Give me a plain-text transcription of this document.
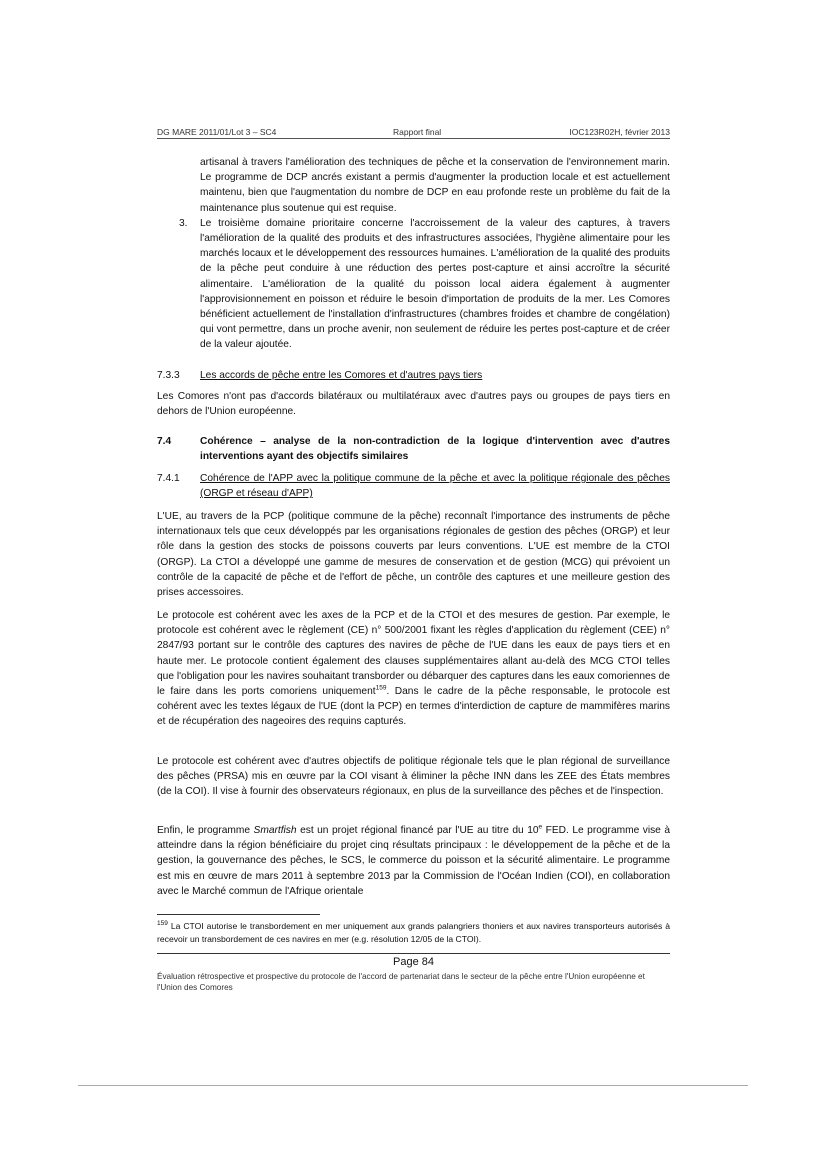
DG MARE 2011/01/Lot 3 – SC4	Rapport final	IOC123R02H, février 2013

artisanal à travers l'amélioration des techniques de pêche et la conservation de l'environnement marin. Le programme de DCP ancrés existant a permis d'augmenter la production locale et est actuellement maintenu, bien que l'augmentation du nombre de DCP en eau profonde reste un problème du fait de la maintenance plus soutenue qui est requise.

3. Le troisième domaine prioritaire concerne l'accroissement de la valeur des captures, à travers l'amélioration de la qualité des produits et des infrastructures associées, l'hygiène alimentaire pour les marchés locaux et le développement des ressources humaines. L'amélioration de la qualité des produits de la pêche peut conduire à une réduction des pertes post-capture et ainsi accroître la sécurité alimentaire. L'amélioration de la qualité du poisson local aidera également à augmenter l'approvisionnement en poisson et réduire le besoin d'importation de produits de la mer. Les Comores bénéficient actuellement de l'installation d'infrastructures (chambres froides et chambre de congélation) qui vont permettre, dans un proche avenir, non seulement de réduire les pertes post-capture et de créer de la valeur ajoutée.

7.3.3 Les accords de pêche entre les Comores et d'autres pays tiers

Les Comores n'ont pas d'accords bilatéraux ou multilatéraux avec d'autres pays ou groupes de pays tiers en dehors de l'Union européenne.

7.4	Cohérence – analyse de la non-contradiction de la logique d'intervention avec d'autres interventions ayant des objectifs similaires

7.4.1 Cohérence de l'APP avec la politique commune de la pêche et avec la politique régionale des pêches (ORGP et réseau d'APP)

L'UE, au travers de la PCP (politique commune de la pêche) reconnaît l'importance des instruments de pêche internationaux tels que ceux développés par les organisations régionales de gestion des pêches (ORGP) et leur rôle dans la gestion des stocks de poissons couverts par leurs conventions. L'UE est membre de la CTOI (ORGP). La CTOI a développé une gamme de mesures de conservation et de gestion (MCG) qui prévoient un contrôle de la capacité de pêche et de l'effort de pêche, un contrôle des captures et une meilleure gestion des prises accessoires.

Le protocole est cohérent avec les axes de la PCP et de la CTOI et des mesures de gestion. Par exemple, le protocole est cohérent avec le règlement (CE) n° 500/2001 fixant les règles d'application du règlement (CEE) n° 2847/93 portant sur le contrôle des captures des navires de pêche de l'UE dans les eaux de pays tiers et en haute mer. Le protocole contient également des clauses supplémentaires allant au-delà des MCG CTOI telles que l'obligation pour les navires souhaitant transborder ou débarquer des captures dans les eaux comoriennes de le faire dans les ports comoriens uniquement$^{159}$. Dans le cadre de la pêche responsable, le protocole est cohérent avec les textes légaux de l'UE (dont la PCP) en termes d'interdiction de capture de mammifères marins et de récupération des nageoires des requins capturés.

Le protocole est cohérent avec d'autres objectifs de politique régionale tels que le plan régional de surveillance des pêches (PRSA) mis en œuvre par la COI visant à éliminer la pêche INN dans les ZEE des États membres (de la COI). Il vise à fournir des observateurs régionaux, en plus de la surveillance des pêches et de l'inspection.

Enfin, le programme Smartfish est un projet régional financé par l'UE au titre du 10e FED. Le programme vise à atteindre dans la région bénéficiaire du projet cinq résultats principaux : le développement de la pêche et de la gestion, la gouvernance des pêches, le SCS, le commerce du poisson et la sécurité alimentaire. Le programme est mis en œuvre de mars 2011 à septembre 2013 par la Commission de l'Océan Indien (COI), en collaboration avec le Marché commun de l'Afrique orientale

$^{159}$ La CTOI autorise le transbordement en mer uniquement aux grands palangriers thoniers et aux navires transporteurs autorisés à recevoir un transbordement de ces navires en mer (e.g. résolution 12/05 de la CTOI).
Page 84
Évaluation rétrospective et prospective du protocole de l'accord de partenariat dans le secteur de la pêche entre l'Union européenne et l'Union des Comores
